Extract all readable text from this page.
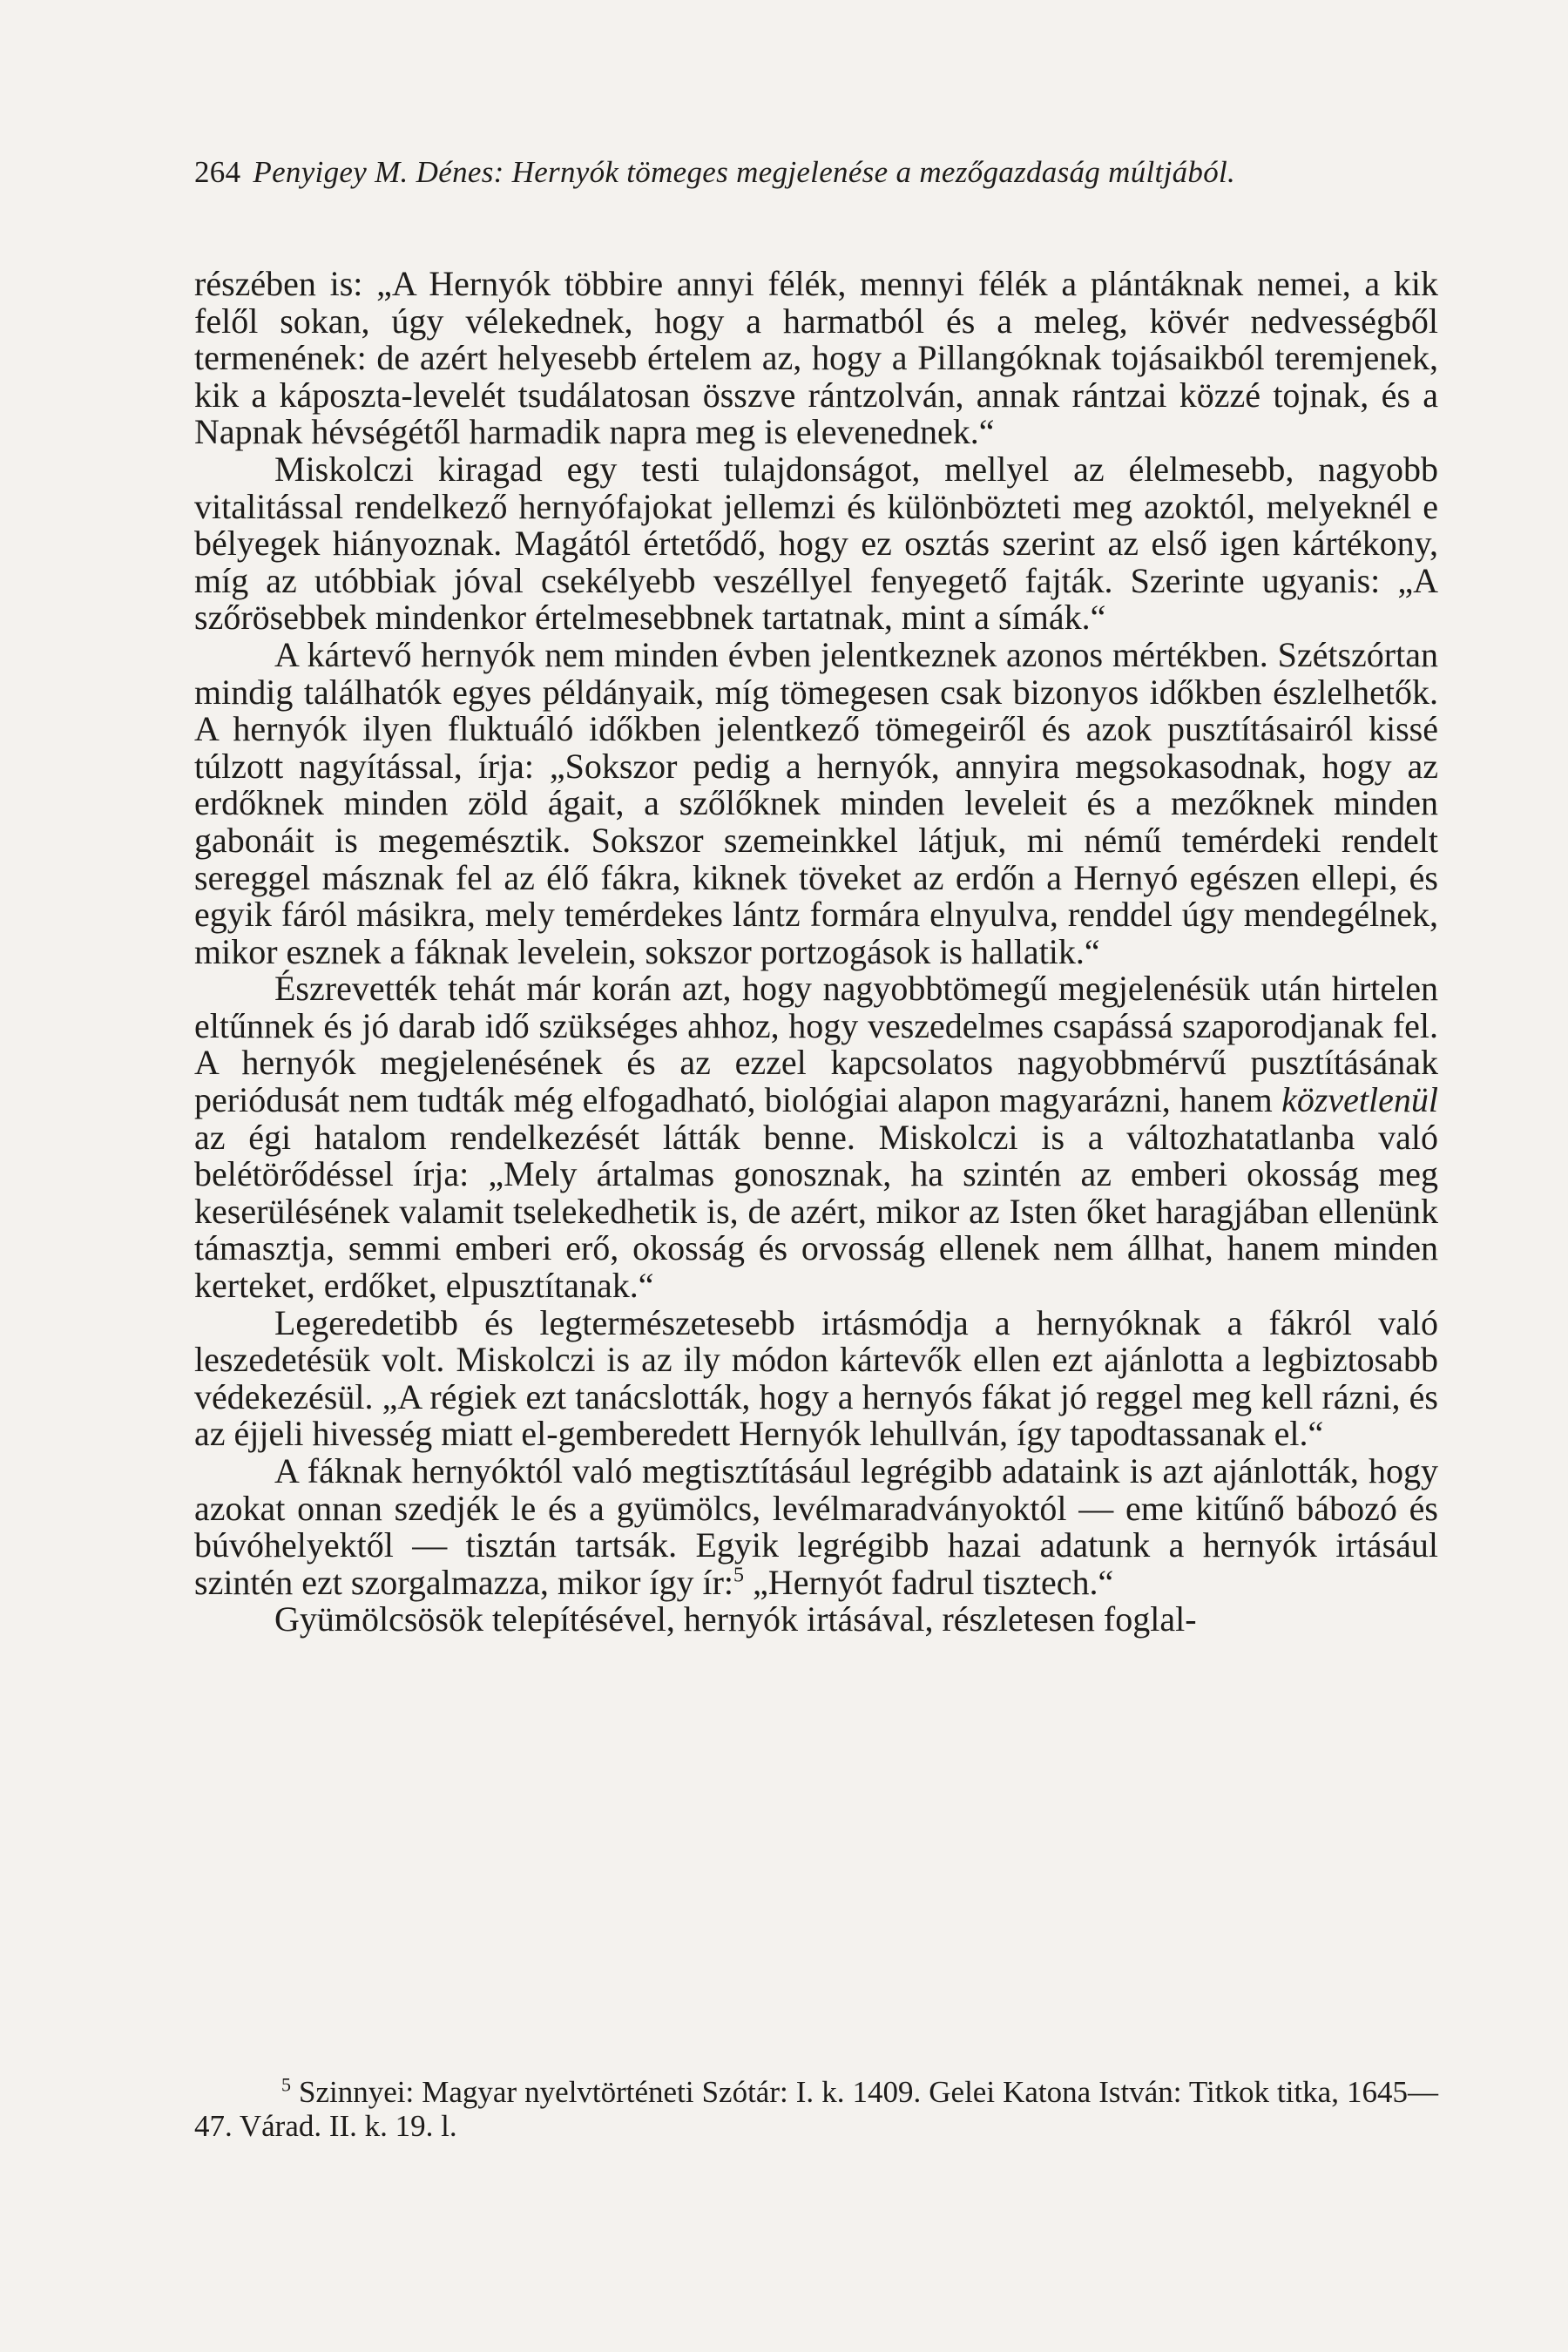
264 Penyigey M. Dénes: Hernyók tömeges megjelenése a mezőgazdaság múltjából.

részében is: „A Hernyók többire annyi félék, mennyi félék a plántáknak nemei, a kik felől sokan, úgy vélekednek, hogy a harmatból és a meleg, kövér nedvességből termenének: de azért helyesebb értelem az, hogy a Pillangóknak tojásaikból teremjenek, kik a káposzta-levelét tsudálatosan összve rántzolván, annak rántzai közzé tojnak, és a Napnak hévségétől harmadik napra meg is elevenednek.“

Miskolczi kiragad egy testi tulajdonságot, mellyel az élelmesebb, nagyobb vitalitással rendelkező hernyófajokat jellemzi és különbözteti meg azoktól, melyeknél e bélyegek hiányoznak. Magától értetődő, hogy ez osztás szerint az első igen kártékony, míg az utóbbiak jóval csekélyebb veszéllyel fenyegető fajták. Szerinte ugyanis: „A szőrösebbek mindenkor értelmesebbnek tartatnak, mint a símák.“

A kártevő hernyók nem minden évben jelentkeznek azonos mértékben. Szétszórtan mindig találhatók egyes példányaik, míg tömegesen csak bizonyos időkben észlelhetők. A hernyók ilyen fluktuáló időkben jelentkező tömegeiről és azok pusztításairól kissé túlzott nagyítással, írja: „Sokszor pedig a hernyók, annyira megsokasodnak, hogy az erdőknek minden zöld ágait, a szőlőknek minden leveleit és a mezőknek minden gabonáit is megemésztik. Sokszor szemeinkkel látjuk, mi némű temérdeki rendelt sereggel másznak fel az élő fákra, kiknek töveket az erdőn a Hernyó egészen ellepi, és egyik fáról másikra, mely temérdekes lántz formára elnyulva, renddel úgy mendegélnek, mikor esznek a fáknak levelein, sokszor portzogások is hallatik.“

Észrevették tehát már korán azt, hogy nagyobbtömegű megjelenésük után hirtelen eltűnnek és jó darab idő szükséges ahhoz, hogy veszedelmes csapássá szaporodjanak fel. A hernyók megjelenésének és az ezzel kapcsolatos nagyobbmérvű pusztításának periódusát nem tudták még elfogadható, biológiai alapon magyarázni, hanem közvetlenül az égi hatalom rendelkezését látták benne. Miskolczi is a változhatatlanba való belétörődéssel írja: „Mely ártalmas gonosznak, ha szintén az emberi okosság meg keserülésének valamit tselekedhetik is, de azért, mikor az Isten őket haragjában ellenünk támasztja, semmi emberi erő, okosság és orvosság ellenek nem állhat, hanem minden kerteket, erdőket, elpusztítanak.“

Legeredetibb és legtermészetesebb irtásmódja a hernyóknak a fákról való leszedetésük volt. Miskolczi is az ily módon kártevők ellen ezt ajánlotta a legbiztosabb védekezésül. „A régiek ezt tanácslották, hogy a hernyós fákat jó reggel meg kell rázni, és az éjjeli hivesség miatt el-gemberedett Hernyók lehullván, így tapodtassanak el.“

A fáknak hernyóktól való megtisztításául legrégibb adataink is azt ajánlották, hogy azokat onnan szedjék le és a gyümölcs, levélmaradványoktól — eme kitűnő bábozó és búvóhelyektől — tisztán tartsák. Egyik legrégibb hazai adatunk a hernyók irtásául szintén ezt szorgalmazza, mikor így ír:$^5$ „Hernyót fadrul tisztech.“

Gyümölcsösök telepítésével, hernyók irtásával, részletesen foglal-

$^5$ Szinnyei: Magyar nyelvtörténeti Szótár: I. k. 1409. Gelei Katona István: Titkok titka, 1645—47. Várad. II. k. 19. l.
